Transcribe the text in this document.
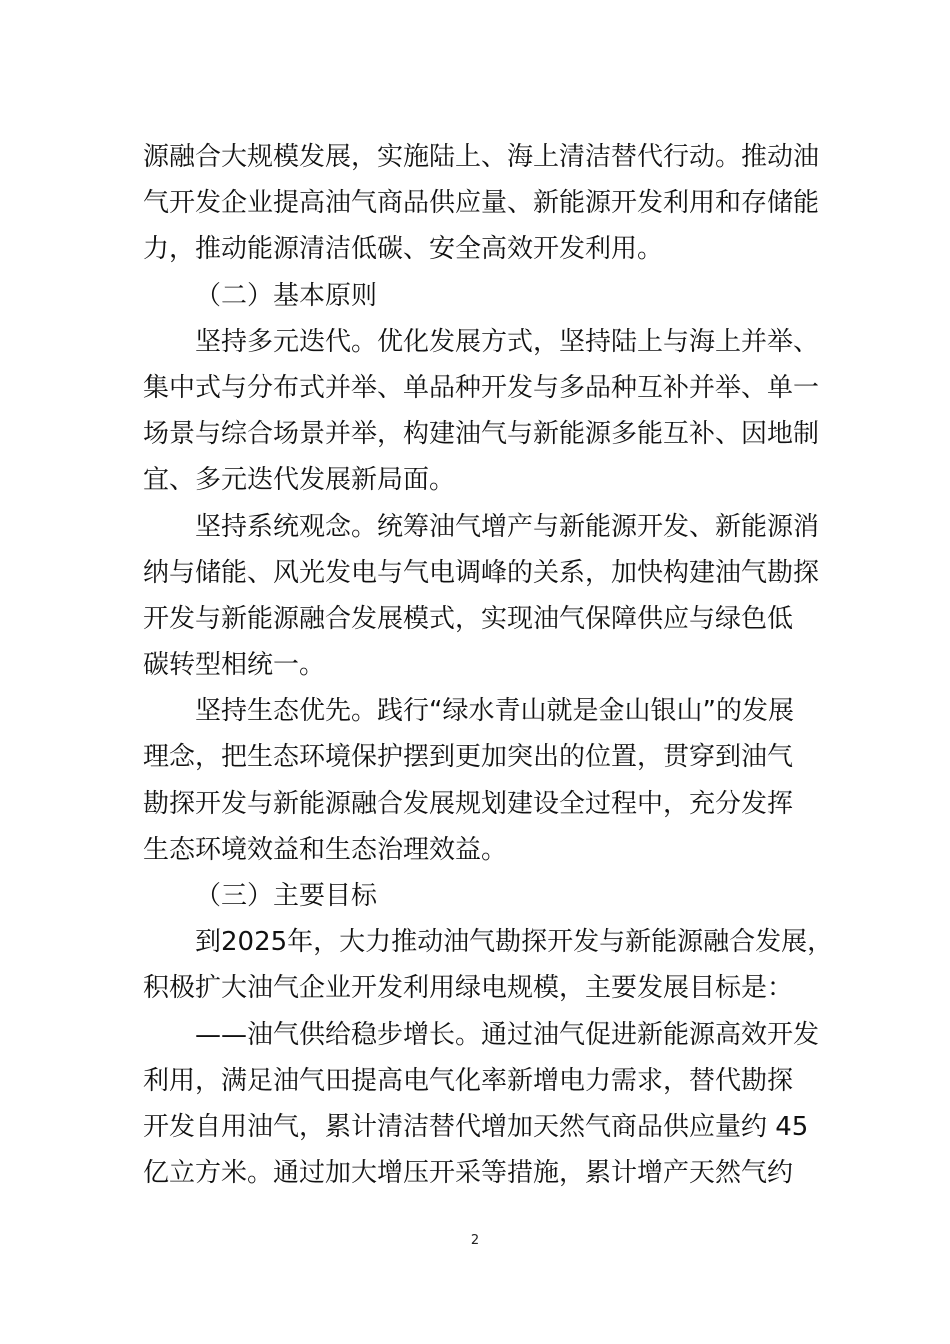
源融合大规模发展，实施陆上、海上清洁替代行动。推动油
气开发企业提高油气商品供应量、新能源开发利用和存储能
力，推动能源清洁低碳、安全高效开发利用。
（二）基本原则
坚持多元迭代。优化发展方式，坚持陆上与海上并举、
集中式与分布式并举、单品种开发与多品种互补并举、单一
场景与综合场景并举，构建油气与新能源多能互补、因地制
宜、多元迭代发展新局面。
坚持系统观念。统筹油气增产与新能源开发、新能源消
纳与储能、风光发电与气电调峰的关系，加快构建油气勘探
开发与新能源融合发展模式，实现油气保障供应与绿色低
碳转型相统一。
坚持生态优先。践行“绿水青山就是金山银山”的发展
理念，把生态环境保护摆到更加突出的位置，贯穿到油气
勘探开发与新能源融合发展规划建设全过程中，充分发挥
生态环境效益和生态治理效益。
（三）主要目标
到2025年，大力推动油气勘探开发与新能源融合发展，
积极扩大油气企业开发利用绿电规模，主要发展目标是：
——油气供给稳步增长。通过油气促进新能源高效开发
利用，满足油气田提高电气化率新增电力需求，替代勘探
开发自用油气，累计清洁替代增加天然气商品供应量约 45
亿立方米。通过加大增压开采等措施，累计增产天然气约
2
